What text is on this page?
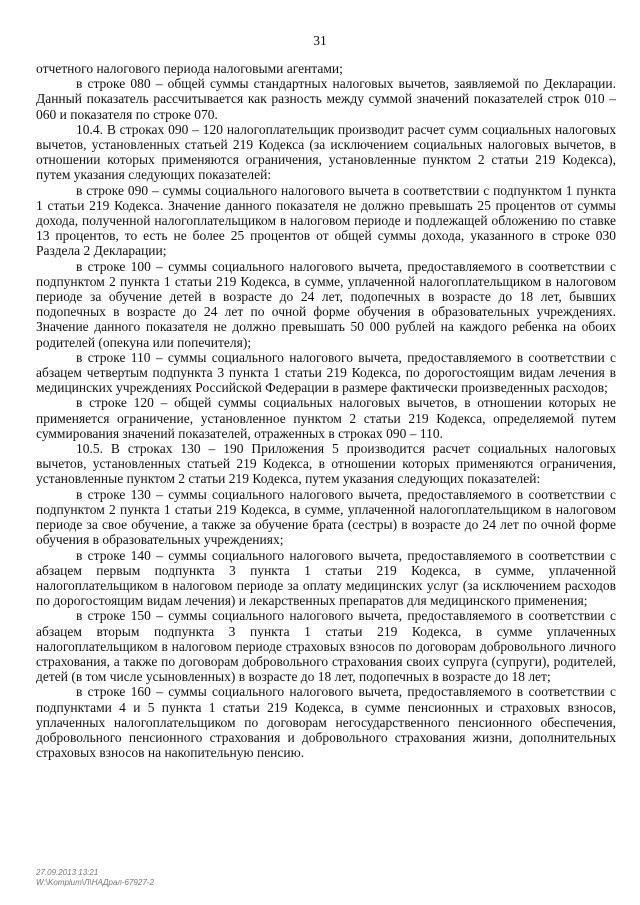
31

отчетного налогового периода налоговыми агентами;

в строке 080 – общей суммы стандартных налоговых вычетов, заявляемой по Декларации. Данный показатель рассчитывается как разность между суммой значений показателей строк 010 – 060 и показателя по строке 070.

10.4. В строках 090 – 120 налогоплательщик производит расчет сумм социальных налоговых вычетов, установленных статьей 219 Кодекса (за исключением социальных налоговых вычетов, в отношении которых применяются ограничения, установленные пунктом 2 статьи 219 Кодекса), путем указания следующих показателей:

в строке 090 – суммы социального налогового вычета в соответствии с подпунктом 1 пункта 1 статьи 219 Кодекса. Значение данного показателя не должно превышать 25 процентов от суммы дохода, полученной налогоплательщиком в налоговом периоде и подлежащей обложению по ставке 13 процентов, то есть не более 25 процентов от общей суммы дохода, указанного в строке 030 Раздела 2 Декларации;

в строке 100 – суммы социального налогового вычета, предоставляемого в соответствии с подпунктом 2 пункта 1 статьи 219 Кодекса, в сумме, уплаченной налогоплательщиком в налоговом периоде за обучение детей в возрасте до 24 лет, подопечных в возрасте до 18 лет, бывших подопечных в возрасте до 24 лет по очной форме обучения в образовательных учреждениях. Значение данного показателя не должно превышать 50 000 рублей на каждого ребенка на обоих родителей (опекуна или попечителя);

в строке 110 – суммы социального налогового вычета, предоставляемого в соответствии с абзацем четвертым подпункта 3 пункта 1 статьи 219 Кодекса, по дорогостоящим видам лечения в медицинских учреждениях Российской Федерации в размере фактически произведенных расходов;

в строке 120 – общей суммы социальных налоговых вычетов, в отношении которых не применяется ограничение, установленное пунктом 2 статьи 219 Кодекса, определяемой путем суммирования значений показателей, отраженных в строках 090 – 110.

10.5. В строках 130 – 190 Приложения 5 производится расчет социальных налоговых вычетов, установленных статьей 219 Кодекса, в отношении которых применяются ограничения, установленные пунктом 2 статьи 219 Кодекса, путем указания следующих показателей:

в строке 130 – суммы социального налогового вычета, предоставляемого в соответствии с подпунктом 2 пункта 1 статьи 219 Кодекса, в сумме, уплаченной налогоплательщиком в налоговом периоде за свое обучение, а также за обучение брата (сестры) в возрасте до 24 лет по очной форме обучения в образовательных учреждениях;

в строке 140 – суммы социального налогового вычета, предоставляемого в соответствии с абзацем первым подпункта 3 пункта 1 статьи 219 Кодекса, в сумме, уплаченной налогоплательщиком в налоговом периоде за оплату медицинских услуг (за исключением расходов по дорогостоящим видам лечения) и лекарственных препаратов для медицинского применения;

в строке 150 – суммы социального налогового вычета, предоставляемого в соответствии с абзацем вторым подпункта 3 пункта 1 статьи 219 Кодекса, в сумме уплаченных налогоплательщиком в налоговом периоде страховых взносов по договорам добровольного личного страхования, а также по договорам добровольного страхования своих супруга (супруги), родителей, детей (в том числе усыновленных) в возрасте до 18 лет, подопечных в возрасте до 18 лет;

в строке 160 – суммы социального налогового вычета, предоставляемого в соответствии с подпунктами 4 и 5 пункта 1 статьи 219 Кодекса, в сумме пенсионных и страховых взносов, уплаченных налогоплательщиком по договорам негосударственного пенсионного обеспечения, добровольного пенсионного страхования и добровольного страхования жизни, дополнительных страховых взносов на накопительную пенсию.

27.09.2013 13:21
W:\Komplum\Л\НАДрал-67927-2
